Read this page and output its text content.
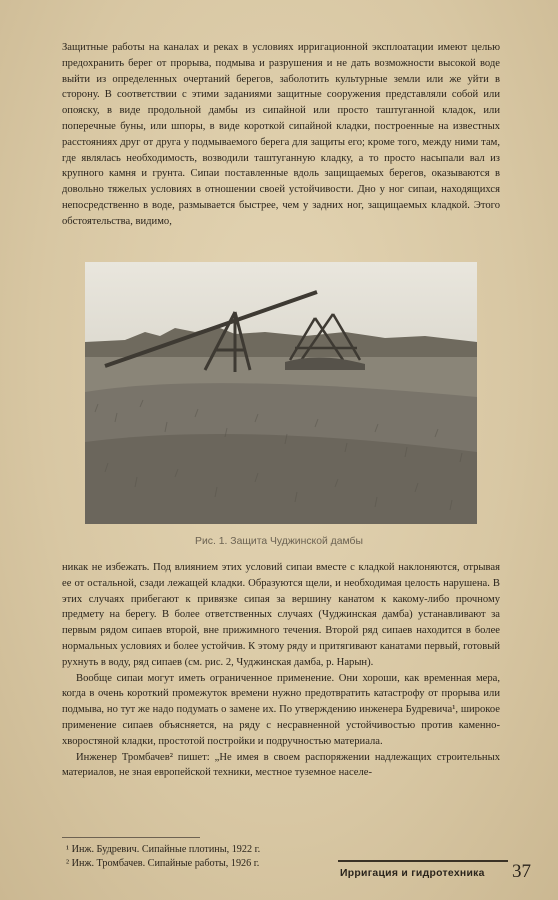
Защитные работы на каналах и реках в условиях ирригационной эксплоатации имеют целью предохранить берег от прорыва, подмыва и разрушения и не дать возможности высокой воде выйти из определенных очертаний берегов, заболотить культурные земли или же уйти в сторону. В соответствии с этими заданиями защитные сооружения представляли собой или опояску, в виде продольной дамбы из сипайной или просто таштуганной кладок, или поперечные буны, или шпоры, в виде короткой сипайной кладки, построенные на известных расстояниях друг от друга у подмываемого берега для защиты его; кроме того, между ними там, где являлась необходимость, возводили таштуганную кладку, а то просто насыпали вал из крупного камня и грунта. Сипаи поставленные вдоль защищаемых берегов, оказываются в довольно тяжелых условиях в отношении своей устойчивости. Дно у ног сипаи, находящихся непосредственно в воде, размывается быстрее, чем у задних ног, защищаемых кладкой. Этого обстоятельства, видимо,

Рис. 1. Защита Чуджинской дамбы

никак не избежать. Под влиянием этих условий сипаи вместе с кладкой наклоняются, отрывая ее от остальной, сзади лежащей кладки. Образуются щели, и необходимая целость нарушена. В этих случаях прибегают к привязке сипая за вершину канатом к какому-либо прочному предмету на берегу. В более ответственных случаях (Чуджинская дамба) устанавливают за первым рядом сипаев второй, вне прижимного течения. Второй ряд сипаев находится в более нормальных условиях и более устойчив. К этому ряду и притягивают канатами первый, готовый рухнуть в воду, ряд сипаев (см. рис. 2, Чуджинская дамба, р. Нарын).

Вообще сипаи могут иметь ограниченное применение. Они хороши, как временная мера, когда в очень короткий промежуток времени нужно предотвратить катастрофу от прорыва или подмыва, но тут же надо подумать о замене их. По утверждению инженера Будревича¹, широкое применение сипаев объясняется, на ряду с несравненной устойчивостью против каменно-хворостяной кладки, простотой постройки и подручностью материала.

Инженер Тромбачев² пишет: „Не имея в своем распоряжении надлежащих строительных материалов, не зная европейской техники, местное туземное населе-

¹ Инж. Будревич. Сипайные плотины, 1922 г.
² Инж. Тромбачев. Сипайные работы, 1926 г.
Ирригация и гидротехника 37
